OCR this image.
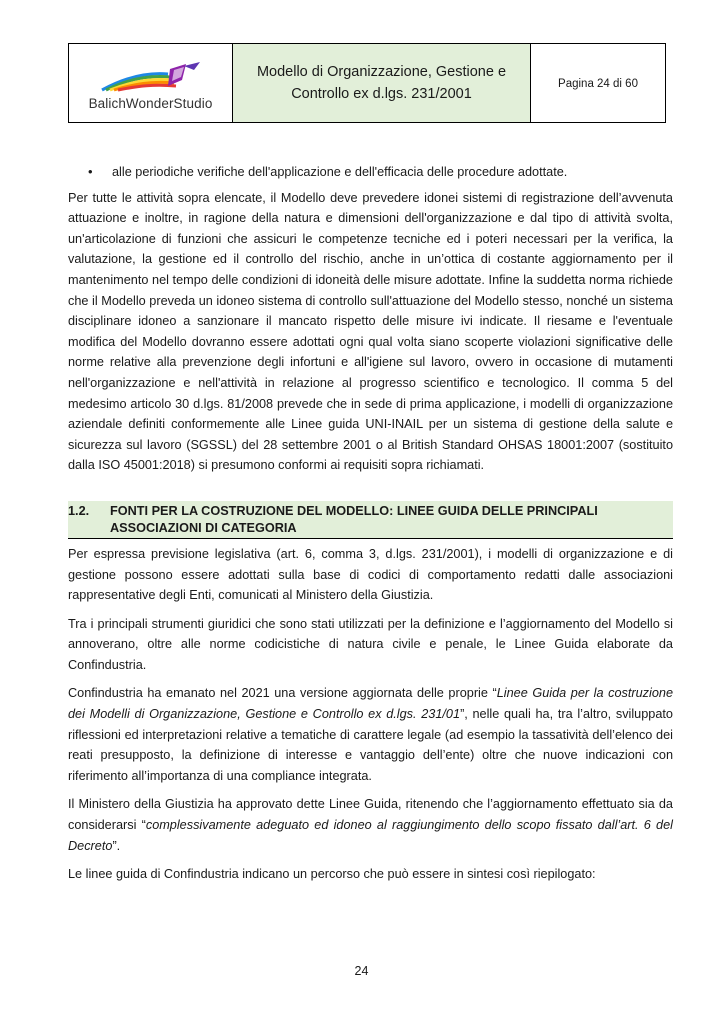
BalichWonderStudio
Modello di Organizzazione, Gestione e Controllo ex d.lgs. 231/2001
Pagina 24 di 60
•
alle periodiche verifiche dell'applicazione e dell'efficacia delle procedure adottate.

Per tutte le attività sopra elencate, il Modello deve prevedere idonei sistemi di registrazione dell’avvenuta attuazione e inoltre, in ragione della natura e dimensioni dell'organizzazione e dal tipo di attività svolta, un'articolazione di funzioni che assicuri le competenze tecniche ed i poteri necessari per la verifica, la valutazione, la gestione ed il controllo del rischio, anche in un’ottica di costante aggiornamento per il mantenimento nel tempo delle condizioni di idoneità delle misure adottate. Infine la suddetta norma richiede che il Modello preveda un idoneo sistema di controllo sull'attuazione del Modello stesso, nonché un sistema disciplinare idoneo a sanzionare il mancato rispetto delle misure ivi indicate. Il riesame e l'eventuale modifica del Modello dovranno essere adottati ogni qual volta siano scoperte violazioni significative delle norme relative alla prevenzione degli infortuni e all'igiene sul lavoro, ovvero in occasione di mutamenti nell'organizzazione e nell'attività in relazione al progresso scientifico e tecnologico. Il comma 5 del medesimo articolo 30 d.lgs. 81/2008 prevede che in sede di prima applicazione, i modelli di organizzazione aziendale definiti conformemente alle Linee guida UNI-INAIL per un sistema di gestione della salute e sicurezza sul lavoro (SGSSL) del 28 settembre 2001 o al British Standard OHSAS 18001:2007 (sostituito dalla ISO 45001:2018) si presumono conformi ai requisiti sopra richiamati.

1.2.	FONTI PER LA COSTRUZIONE DEL MODELLO: LINEE GUIDA DELLE PRINCIPALI ASSOCIAZIONI DI CATEGORIA

Per espressa previsione legislativa (art. 6, comma 3, d.lgs. 231/2001), i modelli di organizzazione e di gestione possono essere adottati sulla base di codici di comportamento redatti dalle associazioni rappresentative degli Enti, comunicati al Ministero della Giustizia.

Tra i principali strumenti giuridici che sono stati utilizzati per la definizione e l’aggiornamento del Modello si annoverano, oltre alle norme codicistiche di natura civile e penale, le Linee Guida elaborate da Confindustria.

Confindustria ha emanato nel 2021 una versione aggiornata delle proprie “Linee Guida per la costruzione dei Modelli di Organizzazione, Gestione e Controllo ex d.lgs. 231/01”, nelle quali ha, tra l’altro, sviluppato riflessioni ed interpretazioni relative a tematiche di carattere legale (ad esempio la tassatività dell’elenco dei reati presupposto, la definizione di interesse e vantaggio dell’ente) oltre che nuove indicazioni con riferimento all’importanza di una compliance integrata.

Il Ministero della Giustizia ha approvato dette Linee Guida, ritenendo che l’aggiornamento effettuato sia da considerarsi “complessivamente adeguato ed idoneo al raggiungimento dello scopo fissato dall’art. 6 del Decreto”.

Le linee guida di Confindustria indicano un percorso che può essere in sintesi così riepilogato:

24
